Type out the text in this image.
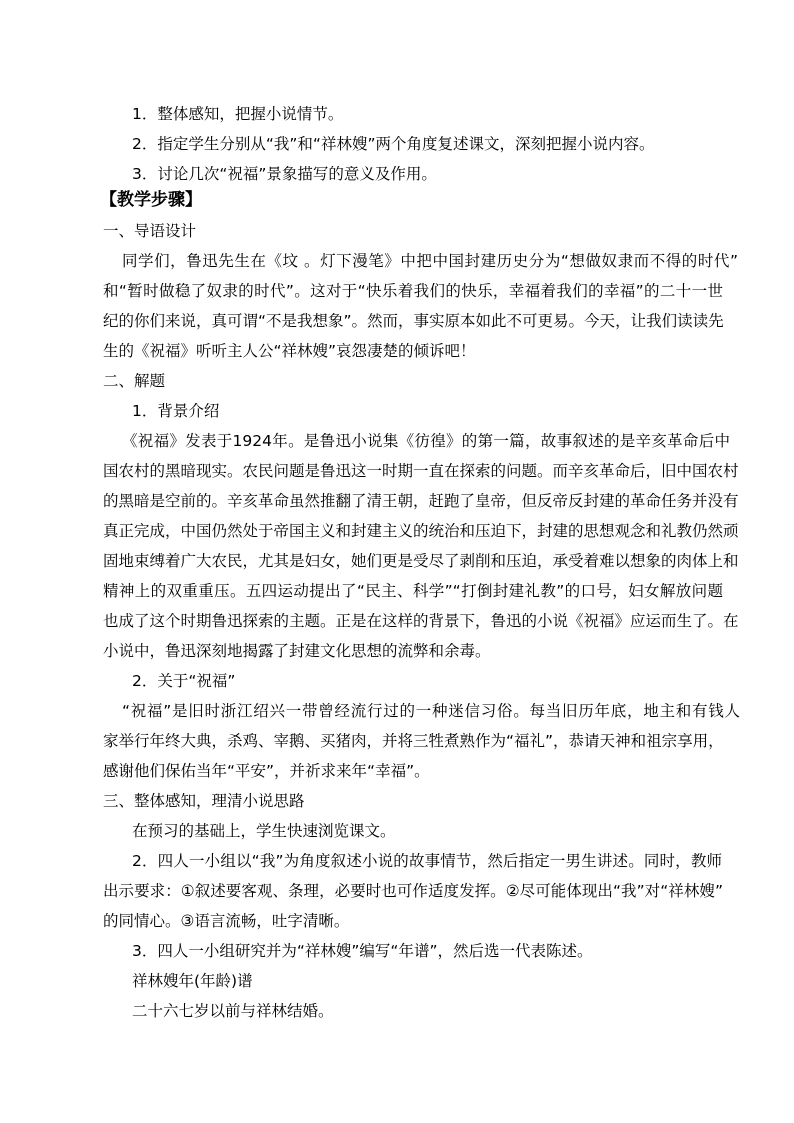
1．整体感知，把握小说情节。
2．指定学生分别从“我”和“祥林嫂”两个角度复述课文，深刻把握小说内容。
3．讨论几次“祝福”景象描写的意义及作用。
【教学步骤】
一、导语设计
同学们，鲁迅先生在《坟 。灯下漫笔》中把中国封建历史分为“想做奴隶而不得的时代”
和“暂时做稳了奴隶的时代”。这对于“快乐着我们的快乐，幸福着我们的幸福”的二十一世
纪的你们来说，真可谓“不是我想象”。然而，事实原本如此不可更易。今天，让我们读读先
生的《祝福》听听主人公“祥林嫂”哀怨凄楚的倾诉吧！
二、解题
1．背景介绍
《祝福》发表于1924年。是鲁迅小说集《彷徨》的第一篇，故事叙述的是辛亥革命后中
国农村的黑暗现实。农民问题是鲁迅这一时期一直在探索的问题。而辛亥革命后，旧中国农村
的黑暗是空前的。辛亥革命虽然推翻了清王朝，赶跑了皇帝，但反帝反封建的革命任务并没有
真正完成，中国仍然处于帝国主义和封建主义的统治和压迫下，封建的思想观念和礼教仍然顽
固地束缚着广大农民，尤其是妇女，她们更是受尽了剥削和压迫，承受着难以想象的肉体上和
精神上的双重重压。五四运动提出了“民主、科学”“打倒封建礼教”的口号，妇女解放问题
也成了这个时期鲁迅探索的主题。正是在这样的背景下，鲁迅的小说《祝福》应运而生了。在
小说中，鲁迅深刻地揭露了封建文化思想的流弊和余毒。
2．关于“祝福”
“祝福”是旧时浙江绍兴一带曾经流行过的一种迷信习俗。每当旧历年底，地主和有钱人
家举行年终大典，杀鸡、宰鹅、买猪肉，并将三牲煮熟作为“福礼”，恭请天神和祖宗享用，
感谢他们保佑当年“平安”，并祈求来年“幸福”。
三、整体感知，理清小说思路
在预习的基础上，学生快速浏览课文。
2．四人一小组以“我”为角度叙述小说的故事情节，然后指定一男生讲述。同时，教师
出示要求：①叙述要客观、条理，必要时也可作适度发挥。②尽可能体现出“我”对“祥林嫂”
的同情心。③语言流畅，吐字清晰。
3．四人一小组研究并为“祥林嫂”编写“年谱”，然后选一代表陈述。
祥林嫂年(年龄)谱
二十六七岁以前与祥林结婚。
